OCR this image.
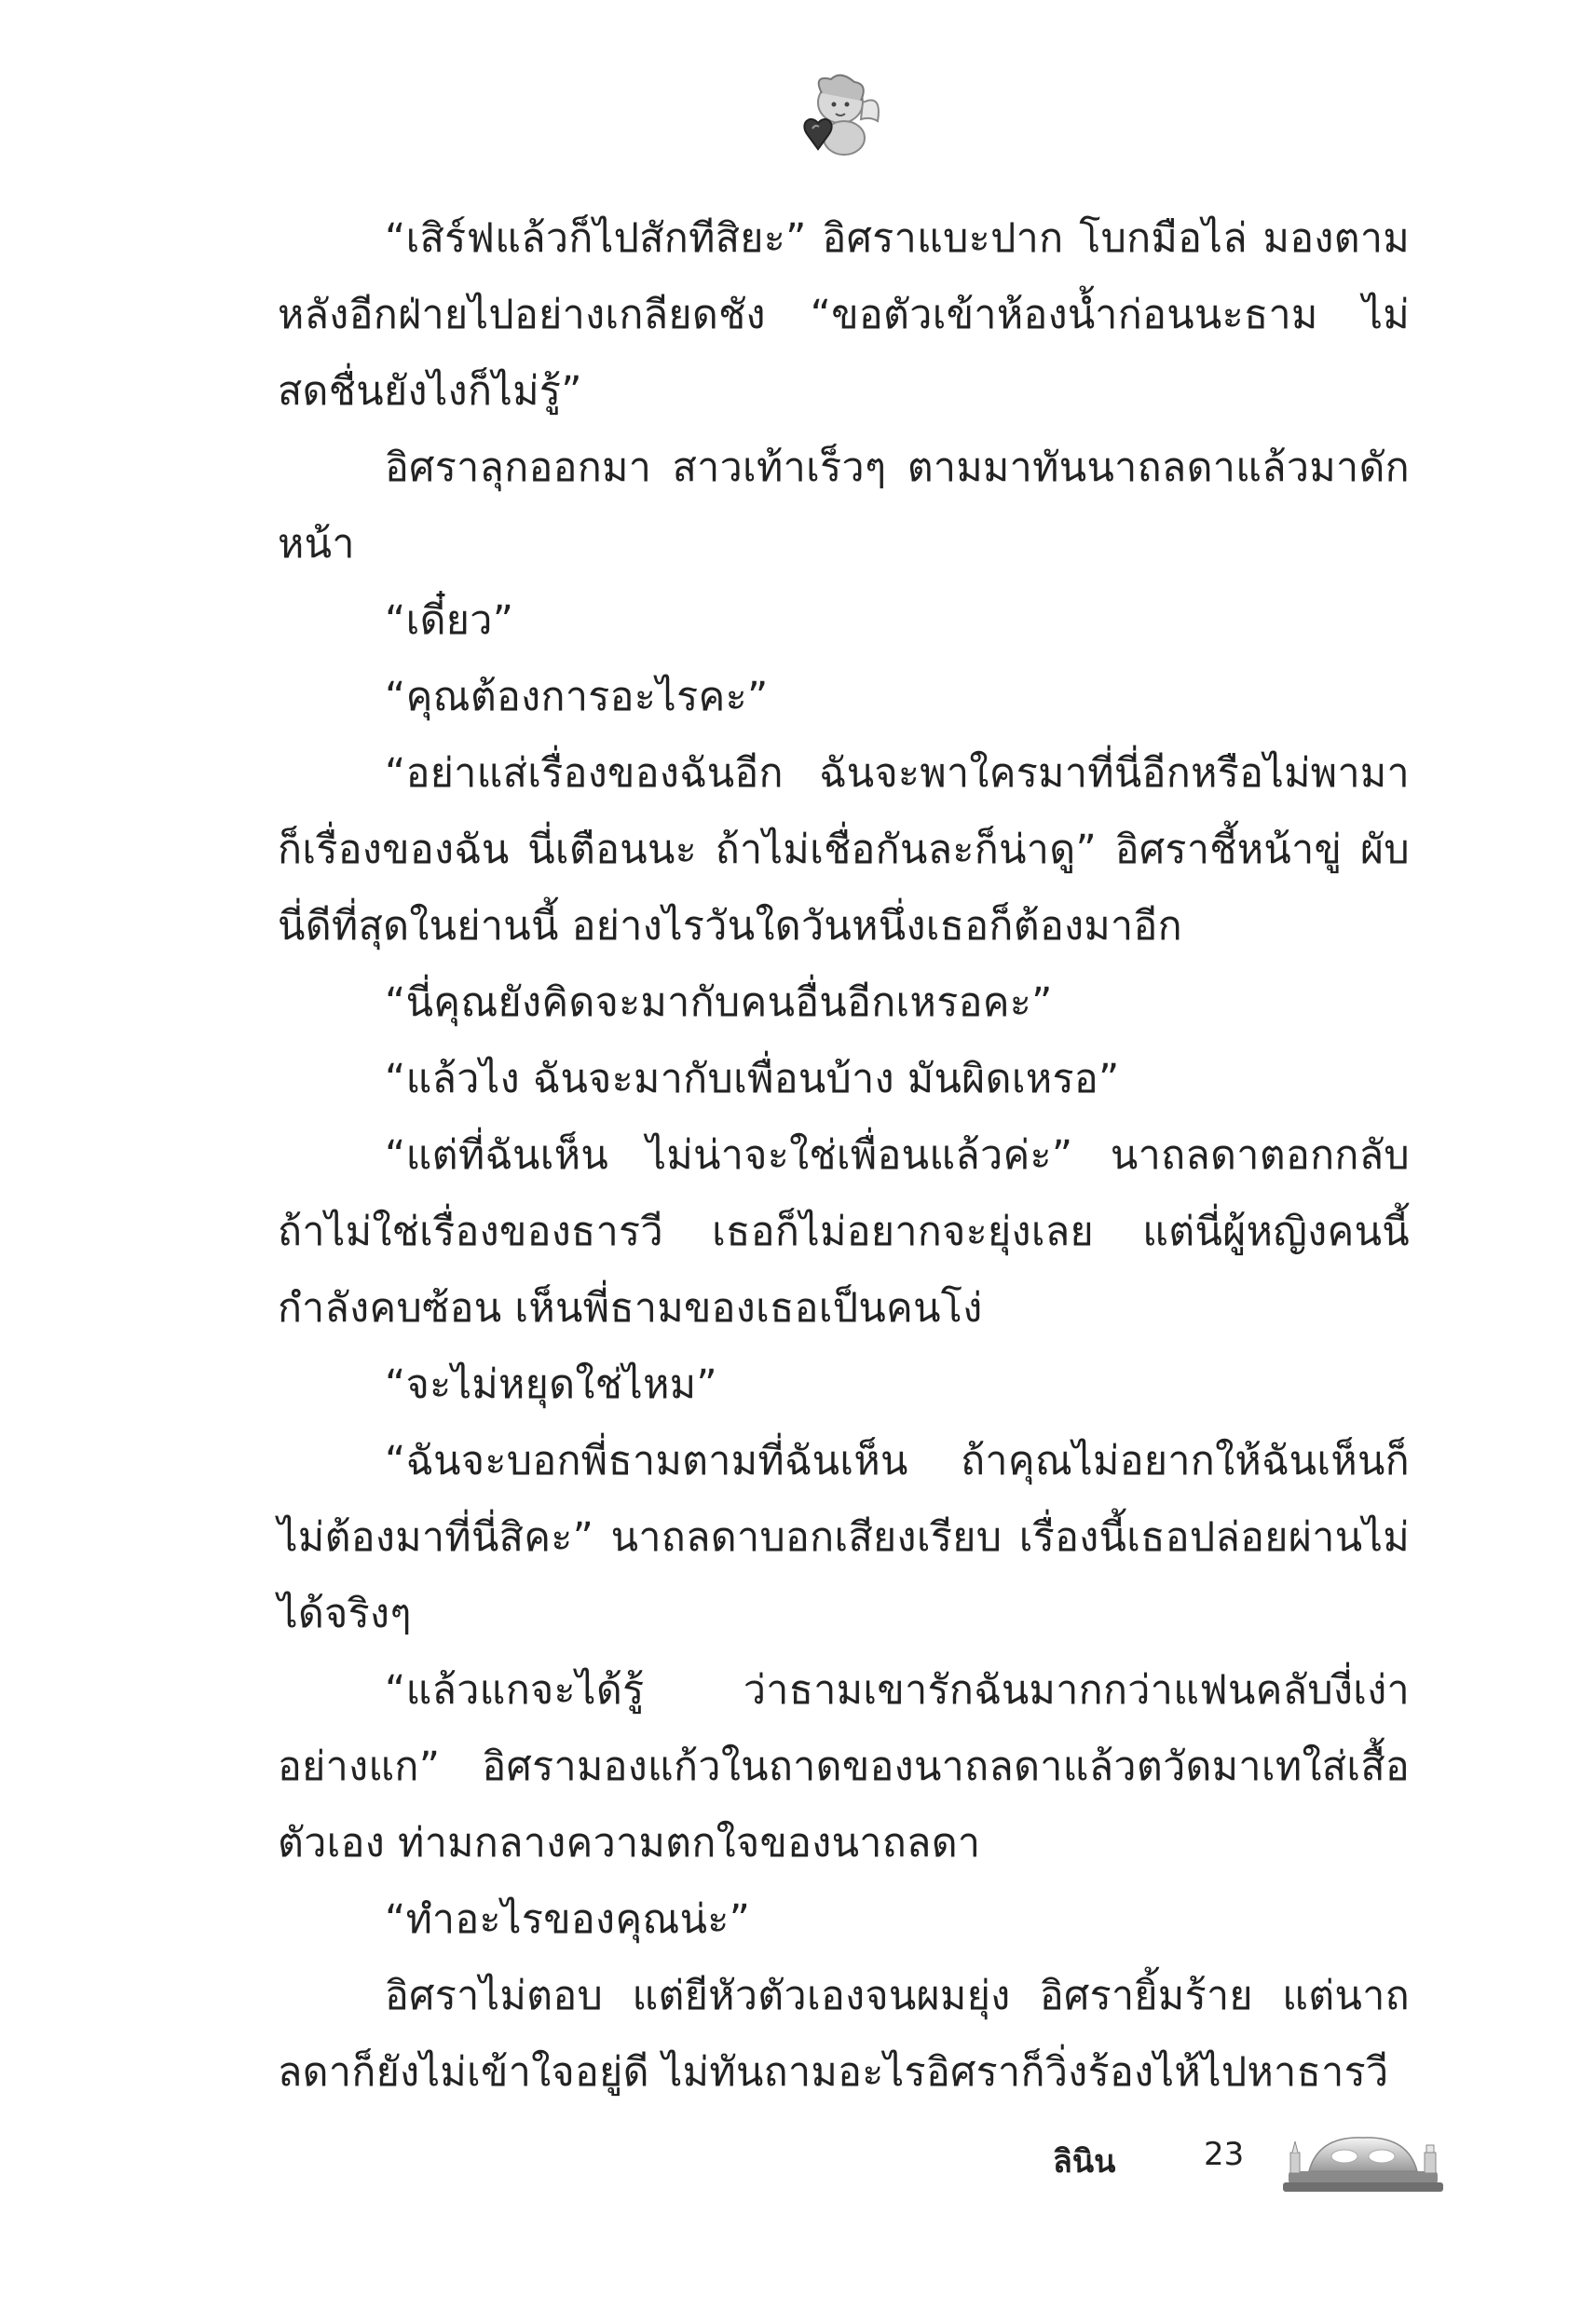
“เสิร์ฟแล้วก็ไปสักทีสิยะ” อิศราแบะปาก โบกมือไล่ มองตามหลังอีกฝ่ายไปอย่างเกลียดชัง “ขอตัวเข้าห้องน้ำก่อนนะธาม ไม่สดชื่นยังไงก็ไม่รู้”

อิศราลุกออกมา สาวเท้าเร็วๆ ตามมาทันนาถลดาแล้วมาดักหน้า

“เดี๋ยว”

“คุณต้องการอะไรคะ”

“อย่าแส่เรื่องของฉันอีก ฉันจะพาใครมาที่นี่อีกหรือไม่พามาก็เรื่องของฉัน นี่เตือนนะ ถ้าไม่เชื่อกันละก็น่าดู” อิศราชี้หน้าขู่ ผับนี่ดีที่สุดในย่านนี้ อย่างไรวันใดวันหนึ่งเธอก็ต้องมาอีก

“นี่คุณยังคิดจะมากับคนอื่นอีกเหรอคะ”

“แล้วไง ฉันจะมากับเพื่อนบ้าง มันผิดเหรอ”

“แต่ที่ฉันเห็น ไม่น่าจะใช่เพื่อนแล้วค่ะ” นาถลดาตอกกลับ ถ้าไม่ใช่เรื่องของธารวี เธอก็ไม่อยากจะยุ่งเลย แต่นี่ผู้หญิงคนนี้กำลังคบซ้อน เห็นพี่ธามของเธอเป็นคนโง่

“จะไม่หยุดใช่ไหม”

“ฉันจะบอกพี่ธามตามที่ฉันเห็น ถ้าคุณไม่อยากให้ฉันเห็นก็ไม่ต้องมาที่นี่สิคะ” นาถลดาบอกเสียงเรียบ เรื่องนี้เธอปล่อยผ่านไม่ได้จริงๆ

“แล้วแกจะได้รู้ ว่าธามเขารักฉันมากกว่าแฟนคลับงี่เง่าอย่างแก” อิศรามองแก้วในถาดของนาถลดาแล้วตวัดมาเทใส่เสื้อตัวเอง ท่ามกลางความตกใจของนาถลดา

“ทำอะไรของคุณน่ะ”

อิศราไม่ตอบ แต่ยีหัวตัวเองจนผมยุ่ง อิศรายิ้มร้าย แต่นาถลดาก็ยังไม่เข้าใจอยู่ดี ไม่ทันถามอะไรอิศราก็วิ่งร้องไห้ไปหาธารวี

ลินิน	23
